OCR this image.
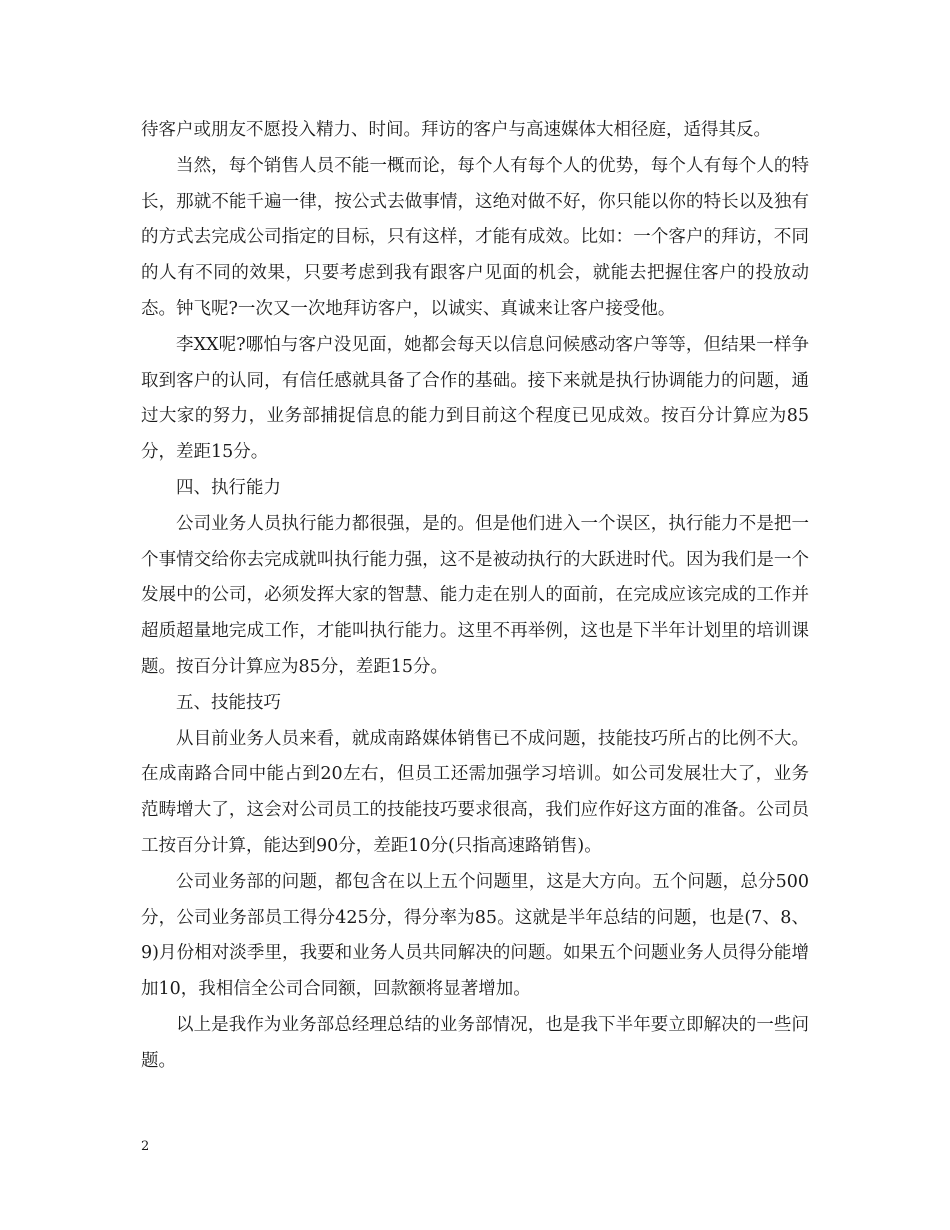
待客户或朋友不愿投入精力、时间。拜访的客户与高速媒体大相径庭，适得其反。

当然，每个销售人员不能一概而论，每个人有每个人的优势，每个人有每个人的特长，那就不能千遍一律，按公式去做事情，这绝对做不好，你只能以你的特长以及独有的方式去完成公司指定的目标，只有这样，才能有成效。比如：一个客户的拜访，不同的人有不同的效果，只要考虑到我有跟客户见面的机会，就能去把握住客户的投放动态。钟飞呢?一次又一次地拜访客户，以诚实、真诚来让客户接受他。

李XX呢?哪怕与客户没见面，她都会每天以信息问候感动客户等等，但结果一样争取到客户的认同，有信任感就具备了合作的基础。接下来就是执行协调能力的问题，通过大家的努力，业务部捕捉信息的能力到目前这个程度已见成效。按百分计算应为85分，差距15分。

四、执行能力

公司业务人员执行能力都很强，是的。但是他们进入一个误区，执行能力不是把一个事情交给你去完成就叫执行能力强，这不是被动执行的大跃进时代。因为我们是一个发展中的公司，必须发挥大家的智慧、能力走在别人的面前，在完成应该完成的工作并超质超量地完成工作，才能叫执行能力。这里不再举例，这也是下半年计划里的培训课题。按百分计算应为85分，差距15分。

五、技能技巧

从目前业务人员来看，就成南路媒体销售已不成问题，技能技巧所占的比例不大。在成南路合同中能占到20左右，但员工还需加强学习培训。如公司发展壮大了，业务范畴增大了，这会对公司员工的技能技巧要求很高，我们应作好这方面的准备。公司员工按百分计算，能达到90分，差距10分(只指高速路销售)。

公司业务部的问题，都包含在以上五个问题里，这是大方向。五个问题，总分500分，公司业务部员工得分425分，得分率为85。这就是半年总结的问题，也是(7、8、9)月份相对淡季里，我要和业务人员共同解决的问题。如果五个问题业务人员得分能增加10，我相信全公司合同额，回款额将显著增加。

以上是我作为业务部总经理总结的业务部情况，也是我下半年要立即解决的一些问题。

2
